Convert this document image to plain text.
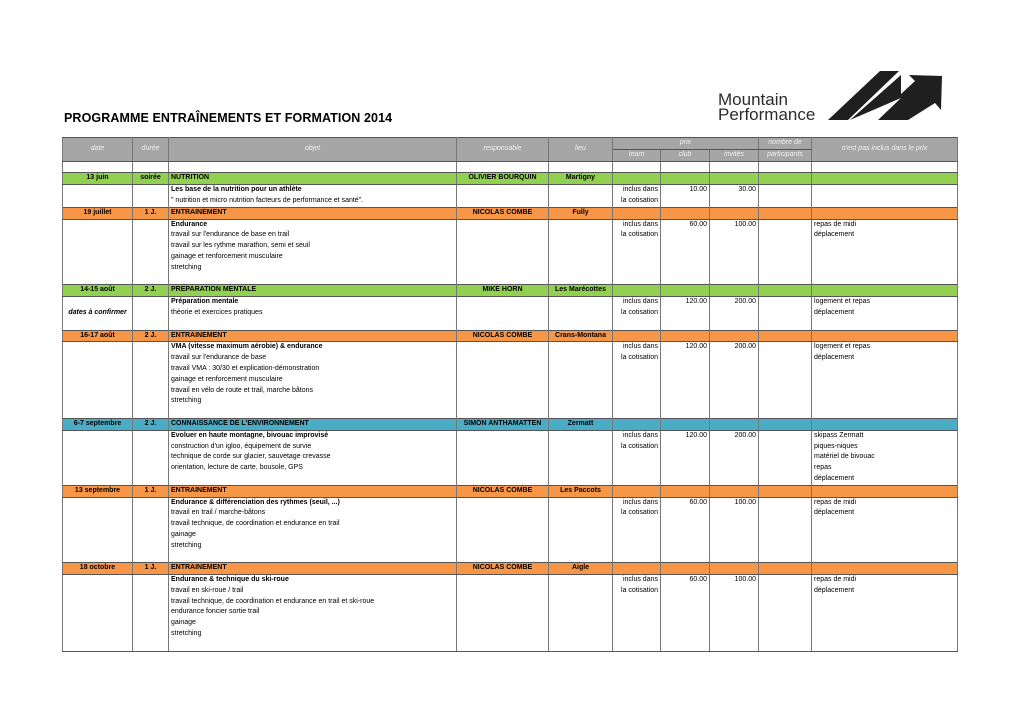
PROGRAMME ENTRAÎNEMENTS ET FORMATION 2014
Mountain
Performance
date	durée	objet	responsable	lieu	prix			nombre de	n'est pas inclus dans le prix
					team	club	invités	participants	

13 juin	soirée	NUTRITION	OLIVIER BOURQUIN	Martigny					
		Les base de la nutrition pour un athlète			inclus dans	10.00	30.00		
		" nutrition et micro nutrition facteurs de performance et santé".			la cotisation				
19 juillet	1 J.	ENTRAINEMENT	NICOLAS COMBE	Fully					
		Endurance			inclus dans	60.00	100.00		repas de midi
		travail sur l'endurance de base en trail			la cotisation				déplacement
		travail sur les rythme marathon, semi et seuil							
		gainage et renforcement musculaire							
		stretching							

14-15 août	2 J.	PREPARATION MENTALE	MIKE HORN	Les Marécottes					
		Préparation mentale			inclus dans	120.00	200.00		logement et repas
dates à confirmer		théorie et exercices pratiques			la cotisation				déplacement

16-17 août	2 J.	ENTRAINEMENT	NICOLAS COMBE	Crans-Montana					
		VMA (vitesse maximum aérobie) & endurance			inclus dans	120.00	200.00		logement et repas
		travail sur l'endurance de base			la cotisation				déplacement
		travail VMA : 30/30 et explication-démonstration							
		gainage et renforcement musculaire							
		travail en vélo de route et trail, marche bâtons							
		stretching							

6-7 septembre	2 J.	CONNAISSANCE DE L'ENVIRONNEMENT	SIMON ANTHAMATTEN	Zermatt					
		Evoluer en haute montagne, bivouac improvisé			inclus dans	120.00	200.00		skipass Zermatt
		construction d'un igloo, équipement de survie			la cotisation				piques-niques
		technique de corde sur glacier, sauvetage crevasse							matériel de bivouac
		orientation, lecture de carte, bousole, GPS							repas
									déplacement
13 septembre	1 J.	ENTRAINEMENT	NICOLAS COMBE	Les Paccots					
		Endurance & différenciation des rythmes (seuil, ...)			inclus dans	60.00	100.00		repas de midi
		travail en trail / marche-bâtons			la cotisation				déplacement
		travail technique, de coordination et endurance en trail							
		gainage							
		stretching							

18 octobre	1 J.	ENTRAINEMENT	NICOLAS COMBE	Aigle					
		Endurance & technique du ski-roue			inclus dans	60.00	100.00		repas de midi
		travail en ski-roue / trail			la cotisation				déplacement
		travail technique, de coordination et endurance en trail et ski-roue							
		endurance foncier sortie trail							
		gainage							
		stretching							
